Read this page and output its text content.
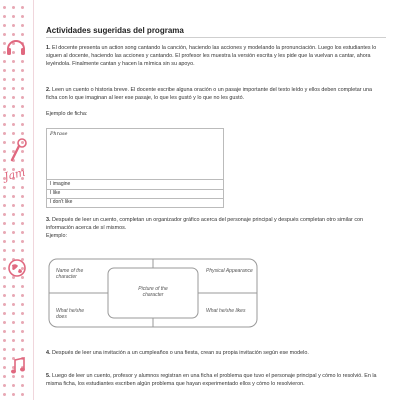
Jam
Actividades sugeridas del programa
1. El docente presenta un action song cantando la canción, haciendo las acciones y modelando la pronunciación. Luego los estudiantes lo siguen al docente, haciendo las acciones y cantando. El profesor les muestra la versión escrita y les pide que la vuelvan a cantar, ahora leyéndola. Finalmente cantan y hacen la mímica sin su apoyo.
2. Leen un cuento o historia breve. El docente escribe alguna oración o un pasaje importante del texto leído y ellos deben completar una ficha con lo que imaginan al leer ese pasaje, lo que les gustó y lo que no les gustó.
Ejemplo de ficha:
Phrase
I imagine
I like
I don't like
3. Después de leer un cuento, completan un organizador gráfico acerca del personaje principal y después completan otro similar con información acerca de sí mismos.
Ejemplo:
Name of the character
Physical Appearance
Picture of the character
What he/she does
What he/she likes
4. Después de leer una invitación a un cumpleaños o una fiesta, crean su propia invitación según ese modelo.
5. Luego de leer un cuento, profesor y alumnos registran en una ficha el problema que tuvo el personaje principal y cómo lo resolvió. En la misma ficha, los estudiantes escriben algún problema que hayan experimentado ellos y cómo lo resolvieron.
